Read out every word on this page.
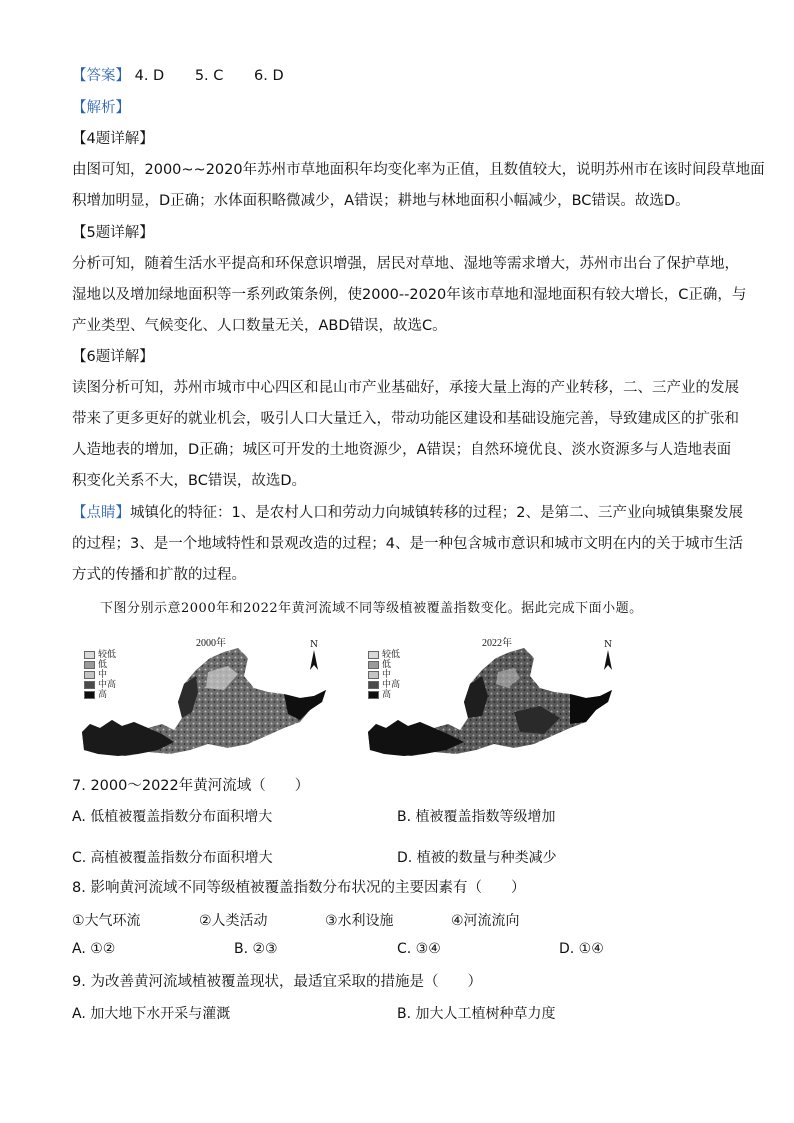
【答案】 4. D 5. C 6. D
【解析】
【4题详解】
由图可知，2000~~2020年苏州市草地面积年均变化率为正值，且数值较大，说明苏州市在该时间段草地面
积增加明显，D正确；水体面积略微减少，A错误；耕地与林地面积小幅减少，BC错误。故选D。
【5题详解】
分析可知，随着生活水平提高和环保意识增强，居民对草地、湿地等需求增大，苏州市出台了保护草地，
湿地以及增加绿地面积等一系列政策条例，使2000--2020年该市草地和湿地面积有较大增长，C正确，与
产业类型、气候变化、人口数量无关，ABD错误，故选C。
【6题详解】
读图分析可知，苏州市城市中心四区和昆山市产业基础好，承接大量上海的产业转移，二、三产业的发展
带来了更多更好的就业机会，吸引人口大量迁入，带动功能区建设和基础设施完善，导致建成区的扩张和
人造地表的增加，D正确；城区可开发的土地资源少，A错误；自然环境优良、淡水资源多与人造地表面
积变化关系不大，BC错误，故选D。
【点睛】城镇化的特征：1、是农村人口和劳动力向城镇转移的过程；2、是第二、三产业向城镇集聚发展
的过程；3、是一个地域特性和景观改造的过程；4、是一种包含城市意识和城市文明在内的关于城市生活
方式的传播和扩散的过程。
下图分别示意2000年和2022年黄河流域不同等级植被覆盖指数变化。据此完成下面小题。
2000年
较低
低
中
中高
高
N	2022年
较低
低
中
中高
高
N
7. 2000～2022年黄河流域（　　）
A. 低植被覆盖指数分布面积增大	B. 植被覆盖指数等级增加
C. 高植被覆盖指数分布面积增大	D. 植被的数量与种类减少
8. 影响黄河流域不同等级植被覆盖指数分布状况的主要因素有（　　）
①大气环流	②人类活动	③水利设施	④河流流向
A. ①②	B. ②③	C. ③④	D. ①④
9. 为改善黄河流域植被覆盖现状，最适宜采取的措施是（　　）
A. 加大地下水开采与灌溉	B. 加大人工植树种草力度
